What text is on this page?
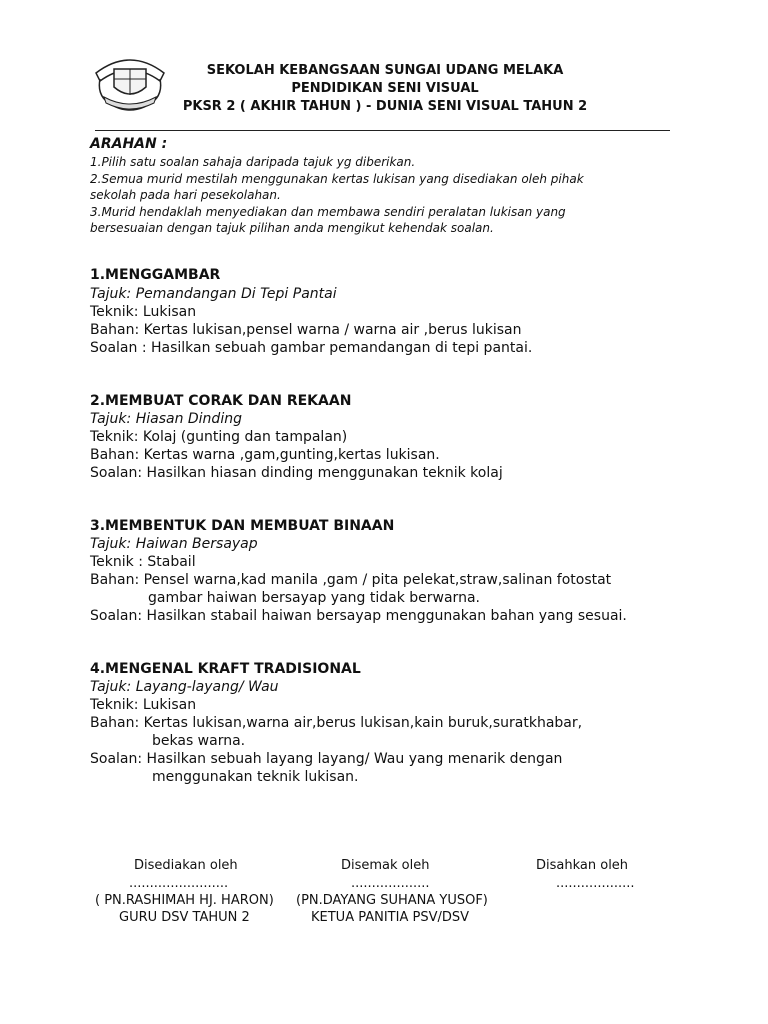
SEKOLAH KEBANGSAAN SUNGAI UDANG MELAKA
PENDIDIKAN SENI VISUAL
PKSR 2 ( AKHIR TAHUN ) - DUNIA SENI VISUAL TAHUN 2
ARAHAN :
1.Pilih satu soalan sahaja daripada tajuk yg diberikan.
2.Semua murid mestilah menggunakan kertas lukisan yang disediakan oleh pihak
sekolah pada hari pesekolahan.
3.Murid hendaklah menyediakan dan membawa sendiri peralatan lukisan yang
bersesuaian dengan tajuk pilihan anda mengikut kehendak soalan.
1.MENGGAMBAR
Tajuk: Pemandangan Di Tepi Pantai
Teknik: Lukisan
Bahan: Kertas lukisan,pensel warna / warna air ,berus lukisan
Soalan : Hasilkan sebuah gambar pemandangan di tepi pantai.
2.MEMBUAT CORAK DAN REKAAN
Tajuk: Hiasan Dinding
Teknik: Kolaj (gunting dan tampalan)
Bahan: Kertas warna ,gam,gunting,kertas lukisan.
Soalan: Hasilkan hiasan dinding menggunakan teknik kolaj
3.MEMBENTUK DAN MEMBUAT BINAAN
Tajuk: Haiwan Bersayap
Teknik : Stabail
Bahan: Pensel warna,kad manila ,gam / pita pelekat,straw,salinan fotostat
gambar haiwan bersayap yang tidak berwarna.
Soalan: Hasilkan stabail haiwan bersayap menggunakan bahan yang sesuai.
4.MENGENAL KRAFT TRADISIONAL
Tajuk: Layang-layang/ Wau
Teknik: Lukisan
Bahan: Kertas lukisan,warna air,berus lukisan,kain buruk,suratkhabar,
bekas warna.
Soalan: Hasilkan sebuah layang layang/ Wau yang menarik dengan
menggunakan teknik lukisan.
Disediakan oleh
........................
( PN.RASHIMAH HJ. HARON)
GURU DSV TAHUN 2
Disemak oleh
...................
(PN.DAYANG SUHANA YUSOF)
KETUA PANITIA PSV/DSV
Disahkan oleh
...................
